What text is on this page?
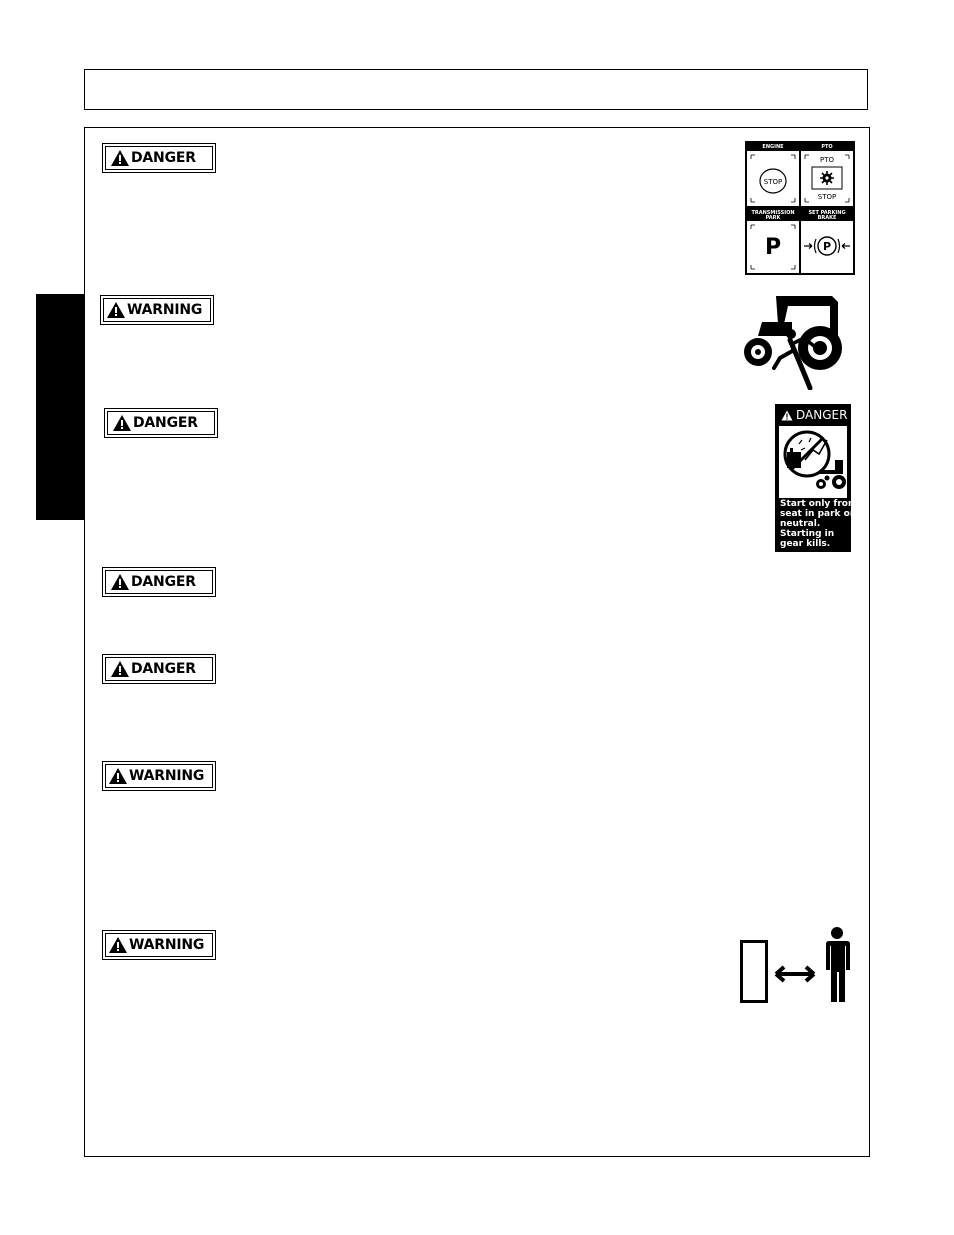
DANGER
WARNING
DANGER
DANGER
DANGER
WARNING
WARNING
ENGINE
STOP
PTO
PTO
STOP
TRANSMISSION
PARK
P
SET PARKING
BRAKE
P
DANGER
Start only from
seat in park or
neutral.
Starting in
gear kills.
